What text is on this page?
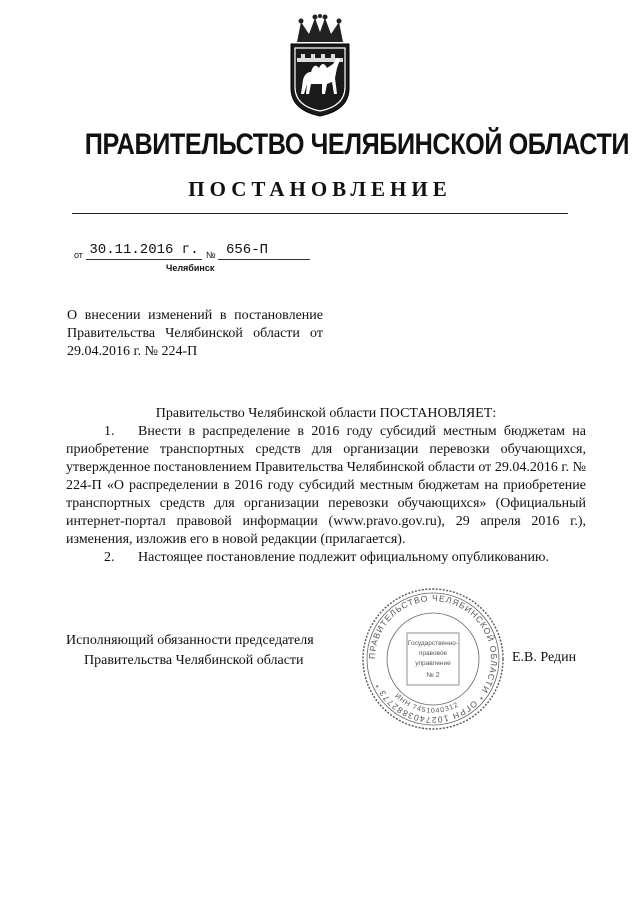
ПРАВИТЕЛЬСТВО ЧЕЛЯБИНСКОЙ ОБЛАСТИ
ПОСТАНОВЛЕНИЕ
от 30.11.2016 г. № 656-П
Челябинск
О внесении изменений в постановление Правительства Челябинской области от 29.04.2016 г. № 224-П

Правительство Челябинской области ПОСТАНОВЛЯЕТ:

1. Внести в распределение в 2016 году субсидий местным бюджетам на приобретение транспортных средств для организации перевозки обучающихся, утвержденное постановлением Правительства Челябинской области от 29.04.2016 г. № 224-П «О распределении в 2016 году субсидий местным бюджетам на приобретение транспортных средств для организации перевозки обучающихся» (Официальный интернет-портал правовой информации (www.pravo.gov.ru), 29 апреля 2016 г.), изменения, изложив его в новой редакции (прилагается).

2. Настоящее постановление подлежит официальному опубликованию.

Исполняющий обязанности председателя
Правительства Челябинской области	Е.В. Редин
ПРАВИТЕЛЬСТВО ЧЕЛЯБИНСКОЙ ОБЛАСТИ * ОГРН 1027403882773 *
ИНН 7451040312
Государственно-
правовое
управление
№ 2
